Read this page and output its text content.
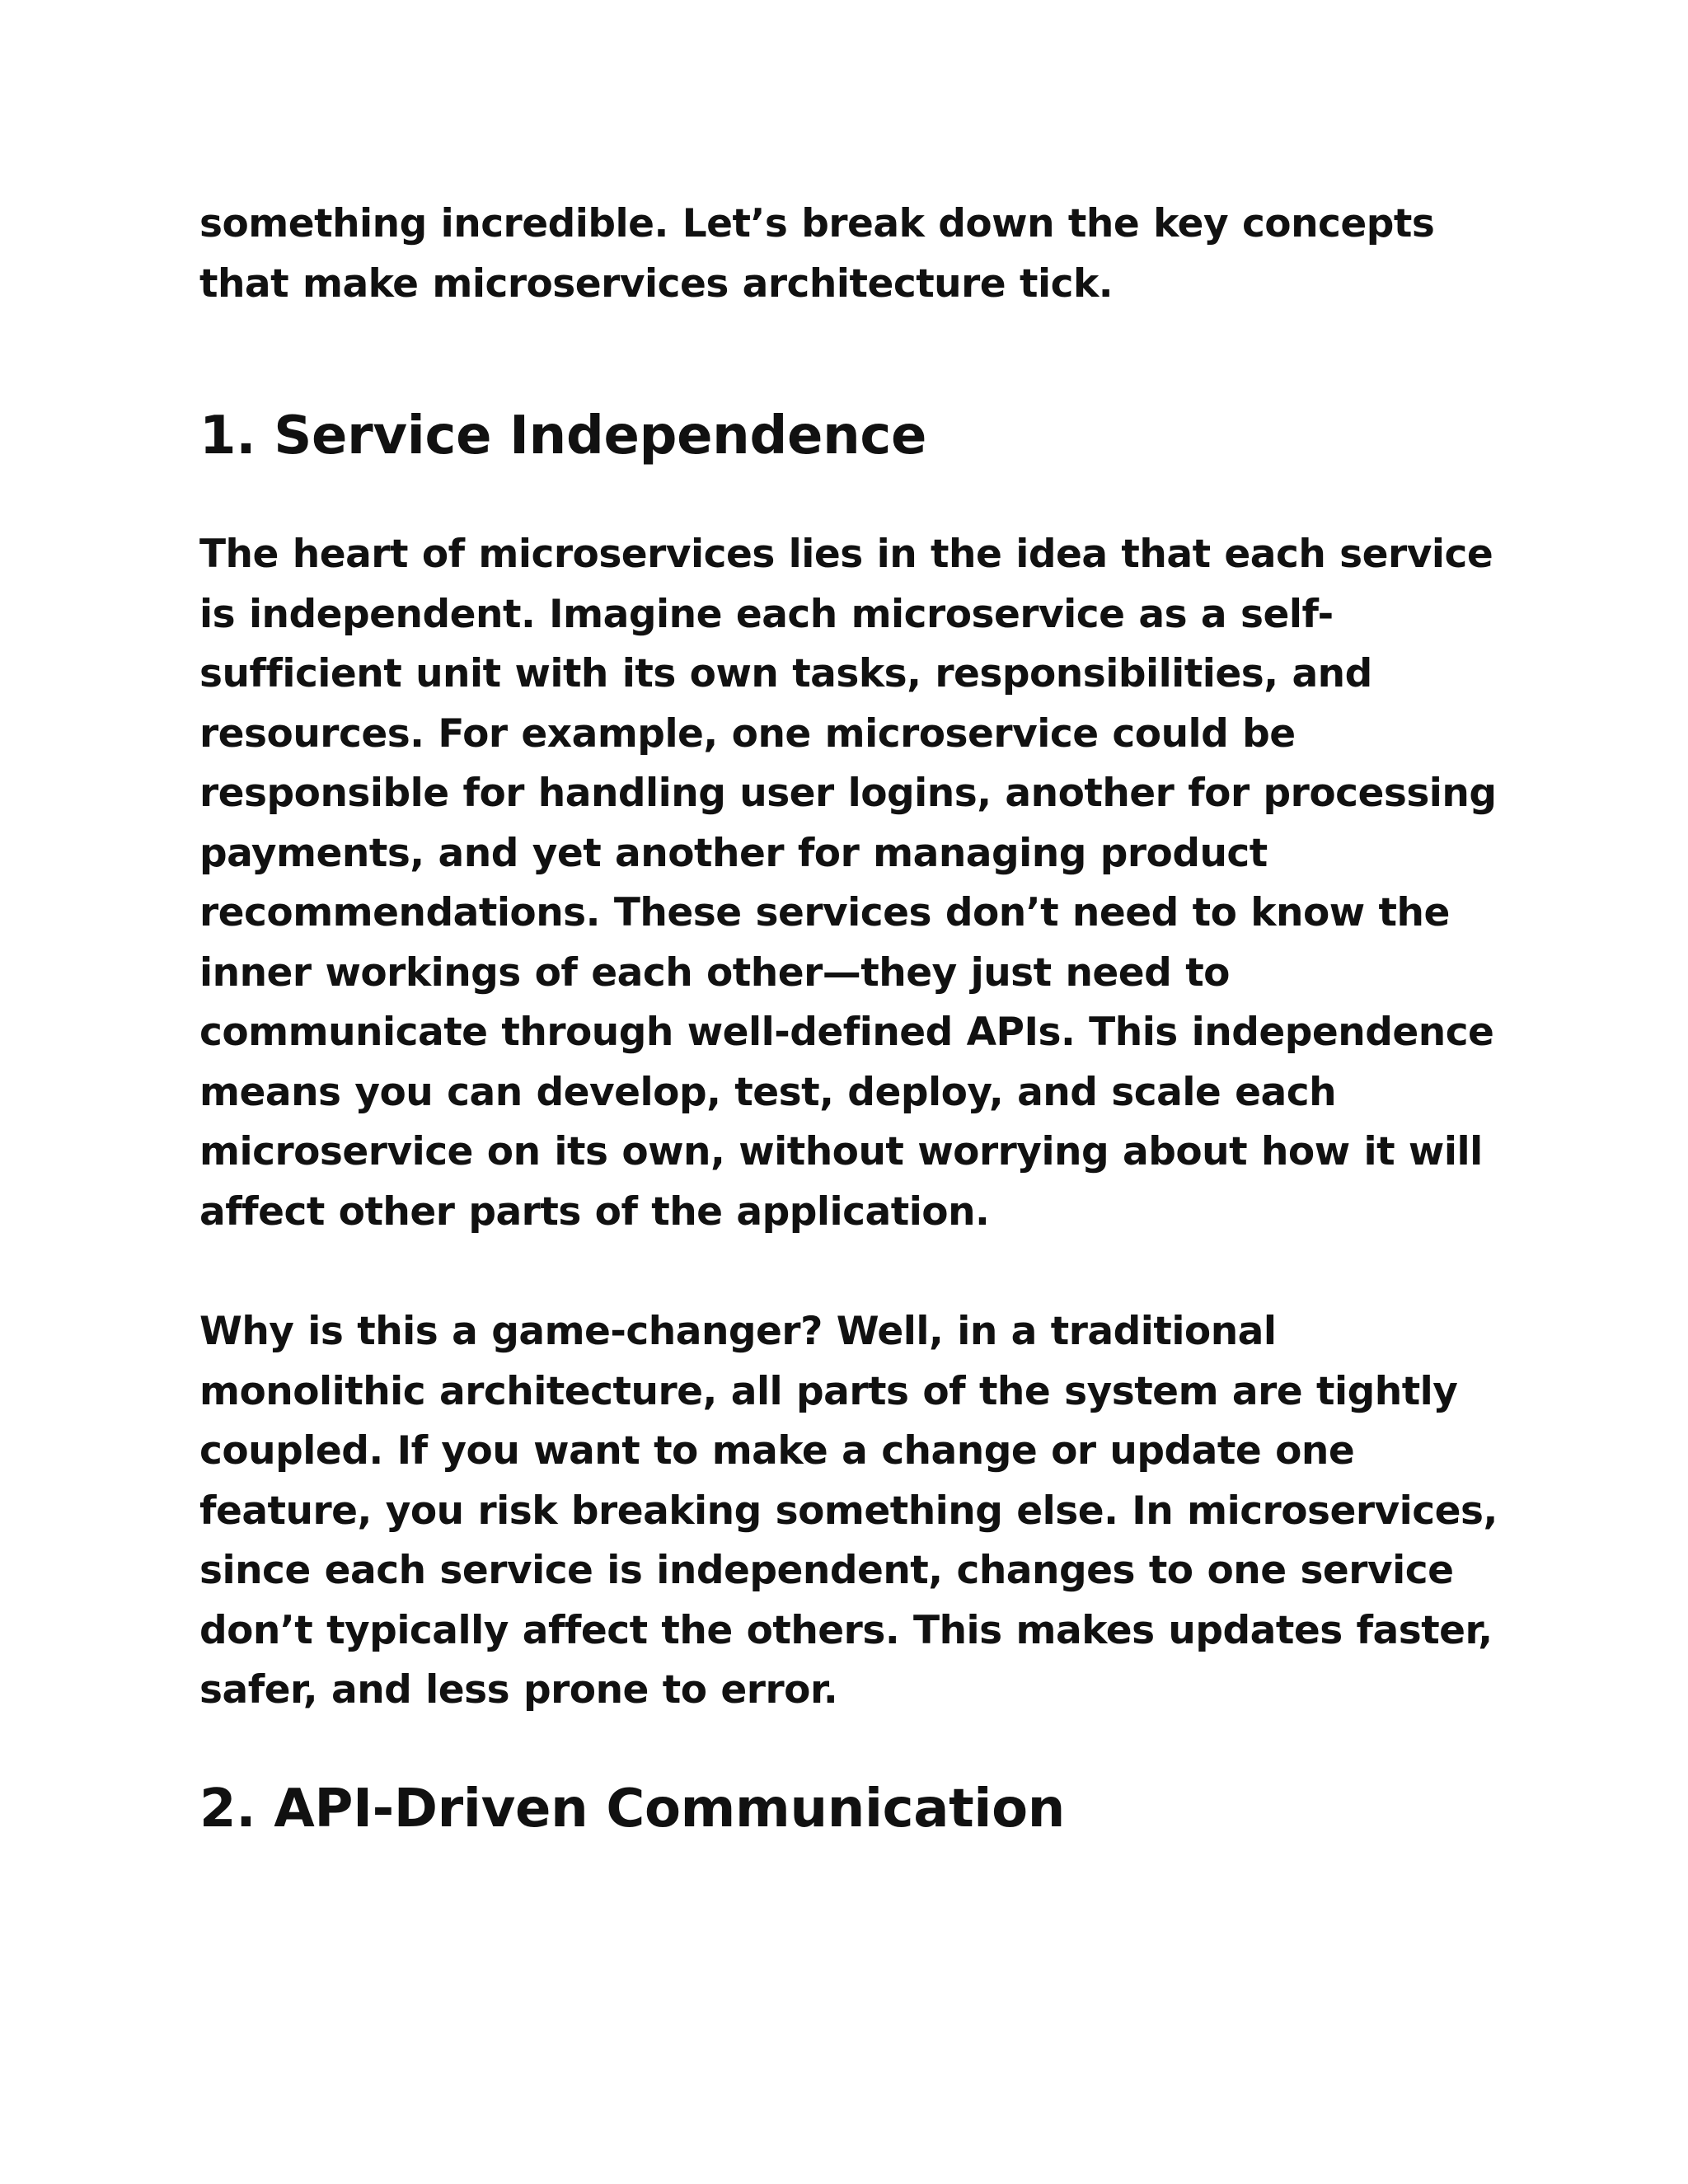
something incredible. Let’s break down the key concepts that make microservices architecture tick.

1. Service Independence

The heart of microservices lies in the idea that each service is independent. Imagine each microservice as a self-sufficient unit with its own tasks, responsibilities, and resources. For example, one microservice could be responsible for handling user logins, another for processing payments, and yet another for managing product recommendations. These services don’t need to know the inner workings of each other—they just need to communicate through well-defined APIs. This independence means you can develop, test, deploy, and scale each microservice on its own, without worrying about how it will affect other parts of the application.

Why is this a game-changer? Well, in a traditional monolithic architecture, all parts of the system are tightly coupled. If you want to make a change or update one feature, you risk breaking something else. In microservices, since each service is independent, changes to one service don’t typically affect the others. This makes updates faster, safer, and less prone to error.

2. API-Driven Communication
